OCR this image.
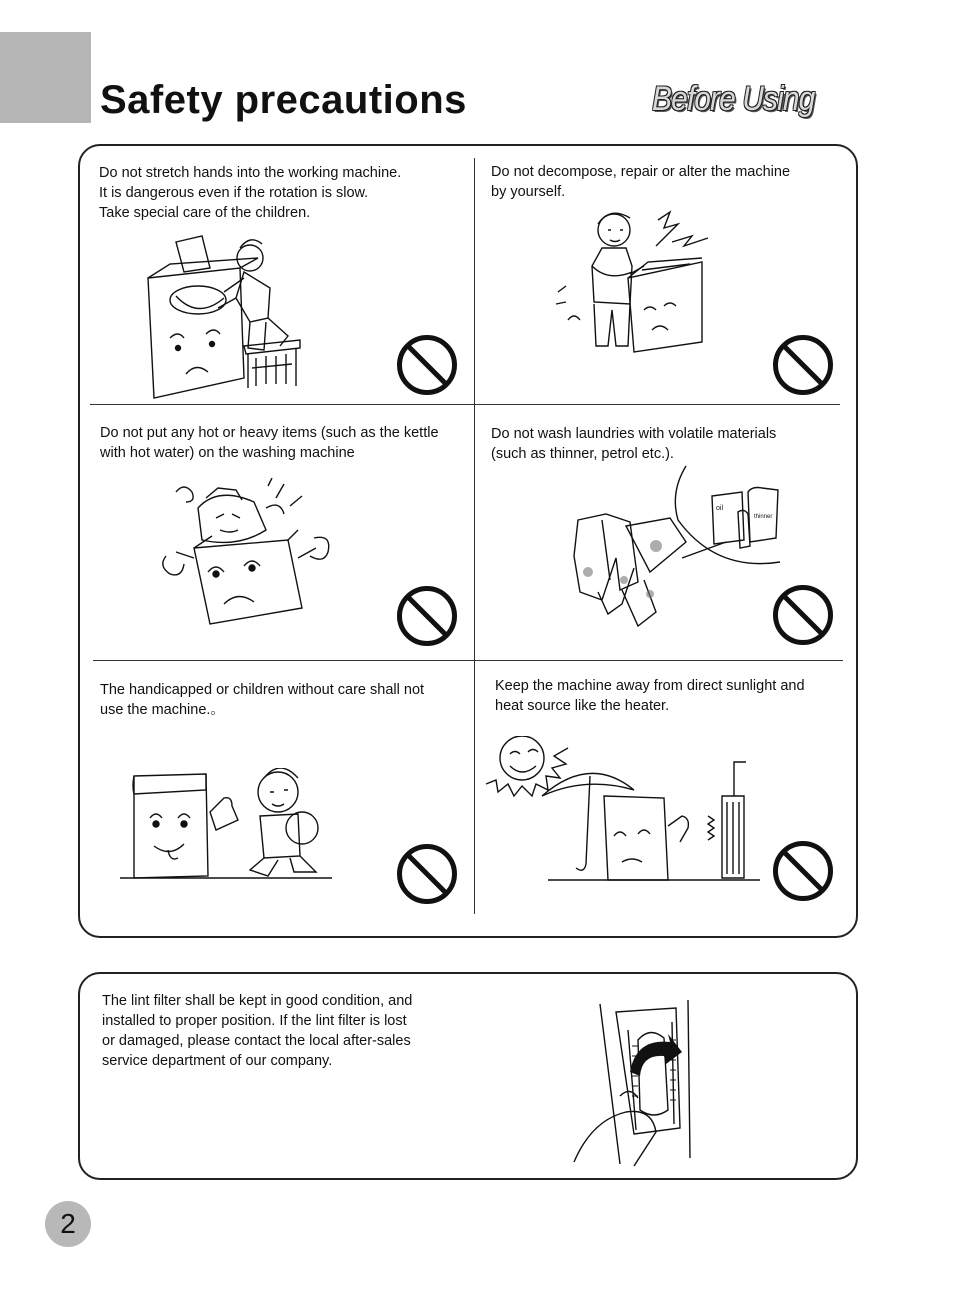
Safety precautions	Before Using
Do not stretch hands into the working machine.
It is dangerous even if the rotation is slow.
Take special care of the children.
Do not decompose, repair or alter the machine
by yourself.
Do not put any hot or heavy items (such as the kettle
with hot water) on the washing machine
Do not wash laundries with volatile materials
(such as thinner, petrol etc.).
oil
thinner
The handicapped or children without care shall not
use the machine.。
Keep the machine away from direct sunlight and
heat source like the heater.
The lint filter shall be kept in good condition, and
installed to proper position. If the lint filter is lost
or damaged, please contact the local after-sales
service department of our company.
2
